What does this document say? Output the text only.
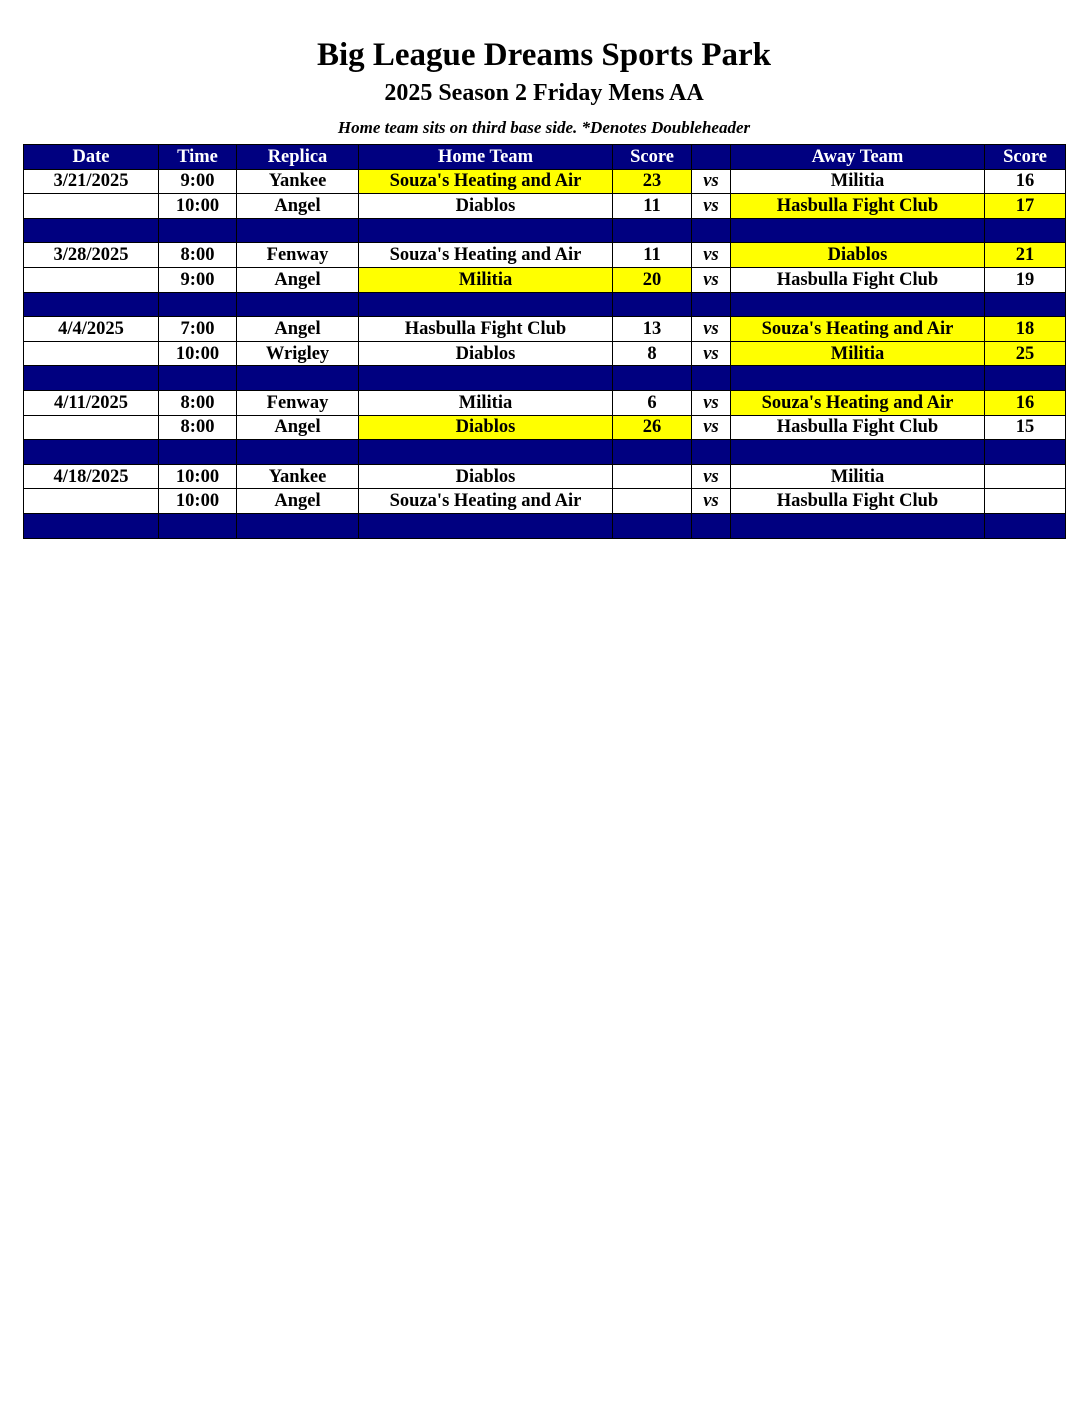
Big League Dreams Sports Park
2025 Season 2 Friday Mens AA
Home team sits on third base side. *Denotes Doubleheader
Date	Time	Replica	Home Team	Score		Away Team	Score
3/21/2025	9:00	Yankee	Souza's Heating and Air	23	vs	Militia	16
	10:00	Angel	Diablos	11	vs	Hasbulla Fight Club	17

3/28/2025	8:00	Fenway	Souza's Heating and Air	11	vs	Diablos	21
	9:00	Angel	Militia	20	vs	Hasbulla Fight Club	19

4/4/2025	7:00	Angel	Hasbulla Fight Club	13	vs	Souza's Heating and Air	18
	10:00	Wrigley	Diablos	8	vs	Militia	25

4/11/2025	8:00	Fenway	Militia	6	vs	Souza's Heating and Air	16
	8:00	Angel	Diablos	26	vs	Hasbulla Fight Club	15

4/18/2025	10:00	Yankee	Diablos		vs	Militia	
	10:00	Angel	Souza's Heating and Air		vs	Hasbulla Fight Club	
